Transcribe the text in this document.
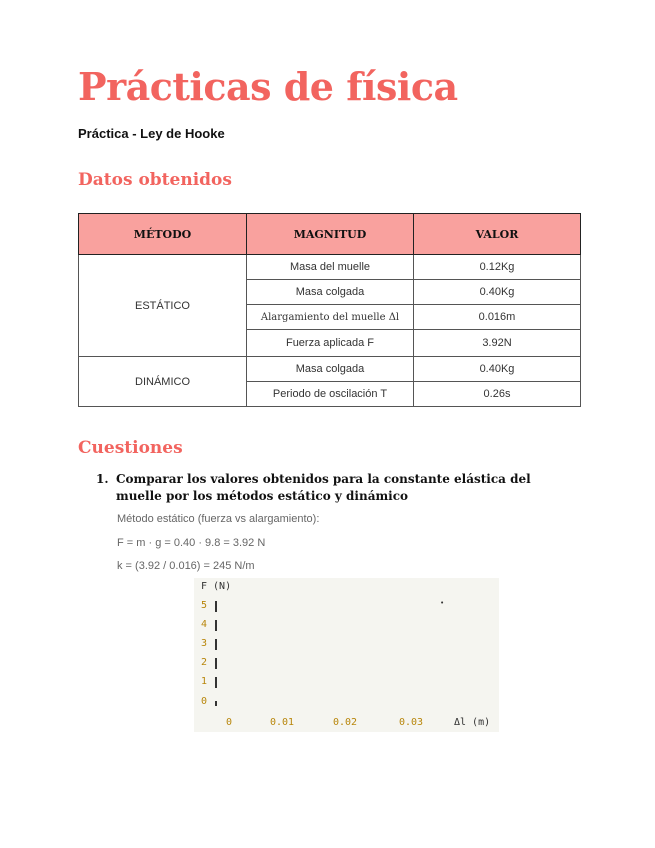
Prácticas de física
Práctica - Ley de Hooke
Datos obtenidos
MÉTODO	MAGNITUD	VALOR
ESTÁTICO	Masa del muelle	0.12Kg
	Masa colgada	0.40Kg
	Alargamiento del muelle Δl	0.016m
	Fuerza aplicada F	3.92N
DINÁMICO	Masa colgada	0.40Kg
	Periodo de oscilación T	0.26s
Cuestiones
1. Comparar los valores obtenidos para la constante elástica del muelle por los métodos estático y dinámico
Método estático (fuerza vs alargamiento):
F = m · g = 0.40 · 9.8 = 3.92 N
k = (3.92 / 0.016) = 245 N/m
F (N)
5
4
3
2
1
0
•
0	0.01	0.02	0.03	Δl (m)
